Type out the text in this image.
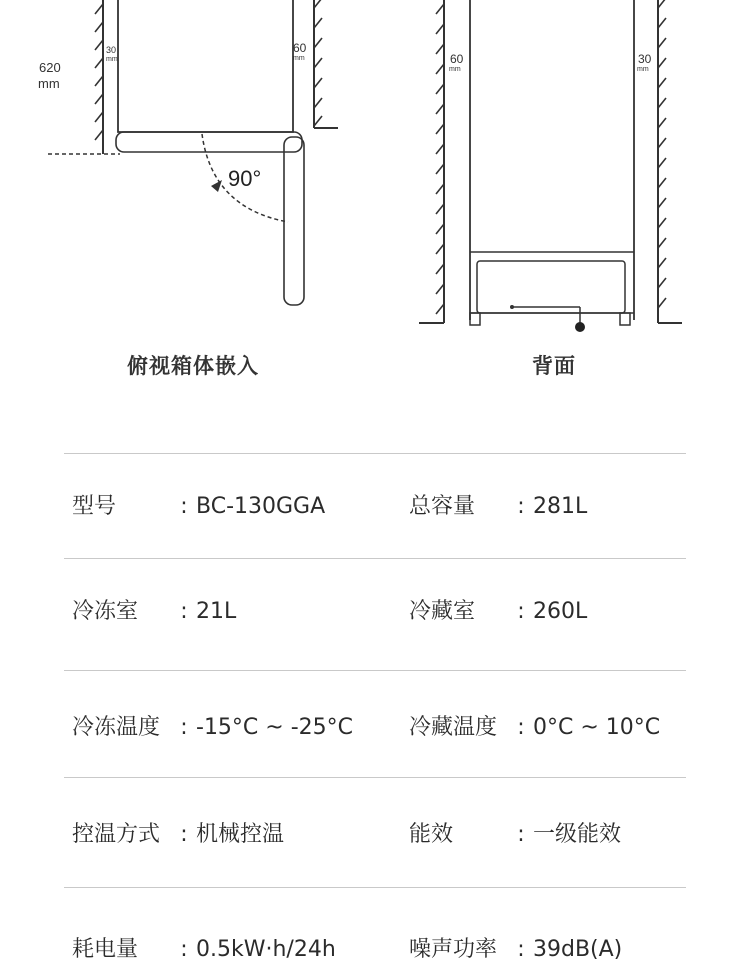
620
mm
30
mm
60
mm
90°
60
mm
30
mm
俯视箱体嵌入	背面
型号	: BC-130GGA	总容量 : 281L
冷冻室 : 21L	冷藏室 : 260L
冷冻温度 : -15°C ~ -25°C	冷藏温度 :0°C ~ 10°C
控温方式 : 机械控温	能效	: 一级能效
耗电量 : 0.5kW·h/24h	噪声功率 : 39dB(A)
